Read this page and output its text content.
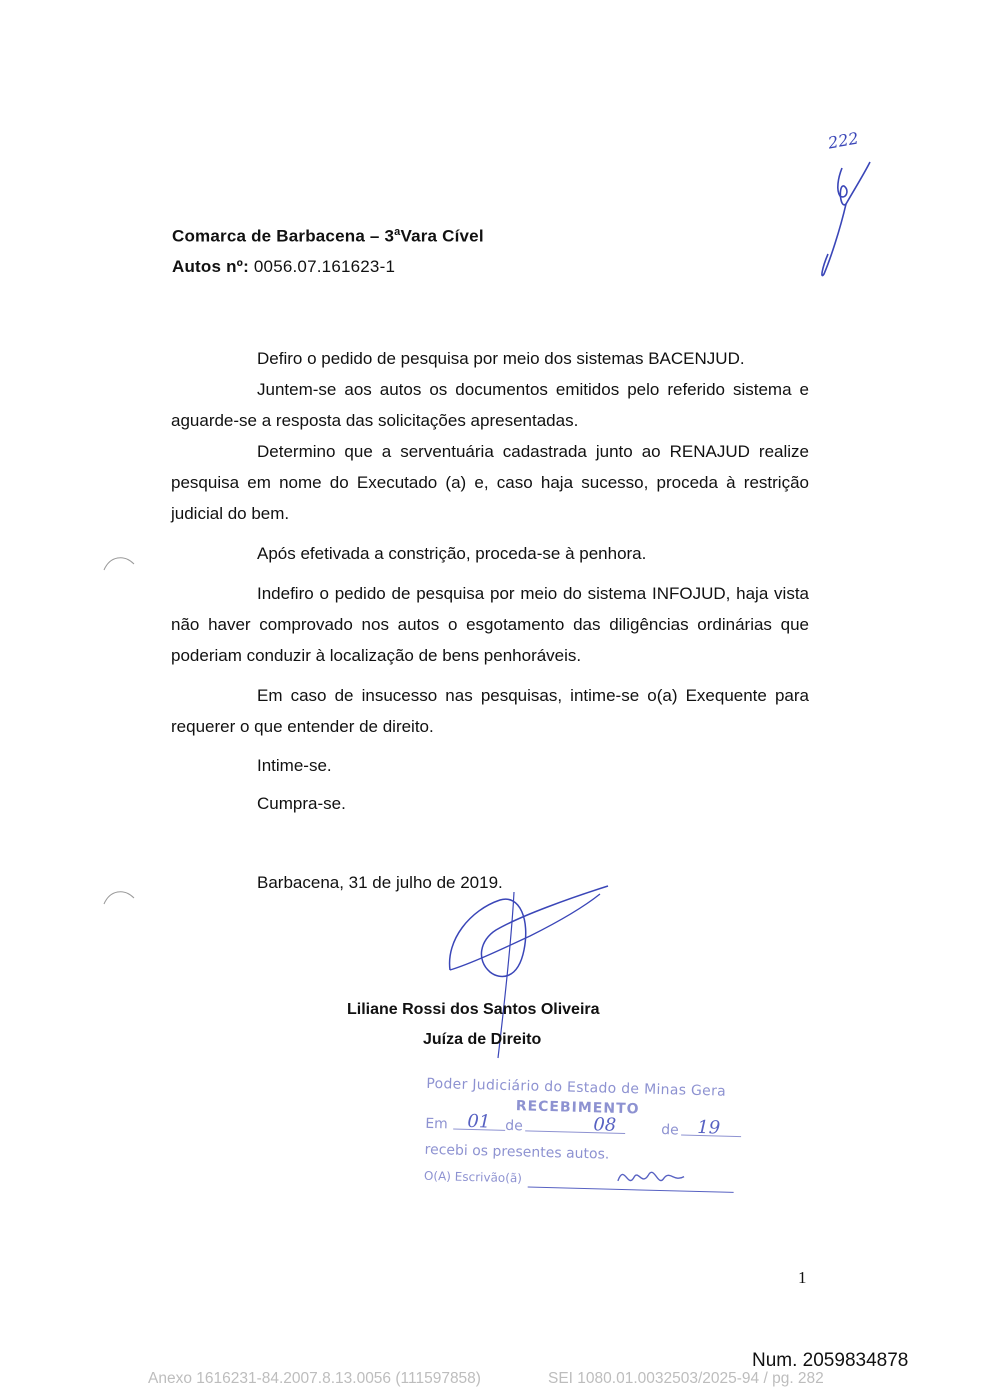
222
Comarca de Barbacena – 3$^a$Vara Cível
Autos nº: 0056.07.161623-1
Defiro o pedido de pesquisa por meio dos sistemas BACENJUD.
Juntem-se aos autos os documentos emitidos pelo referido sistema e aguarde-se a resposta das solicitações apresentadas.
Determino que a serventuária cadastrada junto ao RENAJUD realize pesquisa em nome do Executado (a) e, caso haja sucesso, proceda à restrição judicial do bem.
Após efetivada a constrição, proceda-se à penhora.
Indefiro o pedido de pesquisa por meio do sistema INFOJUD, haja vista não haver comprovado nos autos o esgotamento das diligências ordinárias que poderiam conduzir à localização de bens penhoráveis.
Em caso de insucesso nas pesquisas, intime-se o(a) Exequente para requerer o que entender de direito.
Intime-se.
Cumpra-se.
Barbacena, 31 de julho de 2019.
Liliane Rossi dos Santos Oliveira
Juíza de Direito
Poder Judiciário do Estado de Minas Gera
RECEBIMENTO
Em 01 de	08	de 19
recebi os presentes autos.
O(A) Escrivão(ã)
1
Num. 2059834878
Anexo 1616231-84.2007.8.13.0056 (111597858)	SEI 1080.01.0032503/2025-94 / pg. 282
